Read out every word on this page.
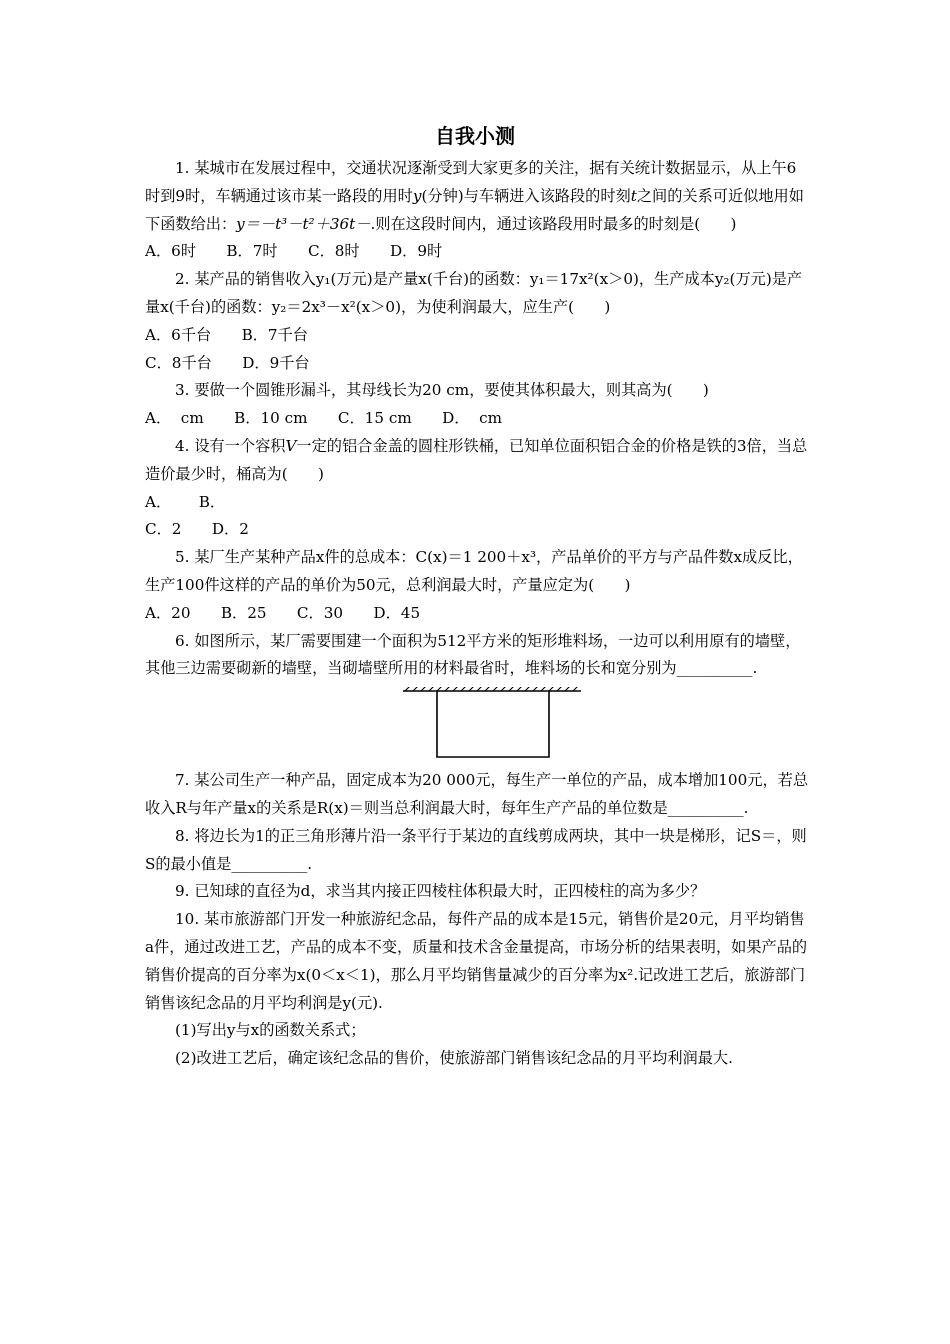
自我小测

1. 某城市在发展过程中，交通状况逐渐受到大家更多的关注，据有关统计数据显示，从上午6时到9时，车辆通过该市某一路段的用时y(分钟)与车辆进入该路段的时刻t之间的关系可近似地用如下函数给出：y＝－t³－t²＋36t－.则在这段时间内，通过该路段用时最多的时刻是(　　)

A．6时　　B．7时　　C．8时　　D．9时

2. 某产品的销售收入y₁(万元)是产量x(千台)的函数：y₁＝17x²(x＞0)，生产成本y₂(万元)是产量x(千台)的函数：y₂＝2x³－x²(x＞0)，为使利润最大，应生产(　　)

A．6千台　　B．7千台

C．8千台　　D．9千台

3. 要做一个圆锥形漏斗，其母线长为20 cm，要使其体积最大，则其高为(　　)

A．  cm　　B．10 cm　　C．15 cm　　D．  cm

4. 设有一个容积V一定的铝合金盖的圆柱形铁桶，已知单位面积铝合金的价格是铁的3倍，当总造价最少时，桶高为(　　)

A．　　 B．

C．2　　D．2

5. 某厂生产某种产品x件的总成本：C(x)＝1 200＋x³，产品单价的平方与产品件数x成反比，生产100件这样的产品的单价为50元，总利润最大时，产量应定为(　　)

A．20　　B．25　　C．30　　D．45

6. 如图所示，某厂需要围建一个面积为512平方米的矩形堆料场，一边可以利用原有的墙壁，其他三边需要砌新的墙壁，当砌墙壁所用的材料最省时，堆料场的长和宽分别为__________.

7. 某公司生产一种产品，固定成本为20 000元，每生产一单位的产品，成本增加100元，若总收入R与年产量x的关系是R(x)＝则当总利润最大时，每年生产产品的单位数是__________.

8. 将边长为1的正三角形薄片沿一条平行于某边的直线剪成两块，其中一块是梯形，记S＝，则S的最小值是__________.

9. 已知球的直径为d，求当其内接正四棱柱体积最大时，正四棱柱的高为多少？

10. 某市旅游部门开发一种旅游纪念品，每件产品的成本是15元，销售价是20元，月平均销售a件，通过改进工艺，产品的成本不变，质量和技术含金量提高，市场分析的结果表明，如果产品的销售价提高的百分率为x(0＜x＜1)，那么月平均销售量减少的百分率为x².记改进工艺后，旅游部门销售该纪念品的月平均利润是y(元).

(1)写出y与x的函数关系式；

(2)改进工艺后，确定该纪念品的售价，使旅游部门销售该纪念品的月平均利润最大.
